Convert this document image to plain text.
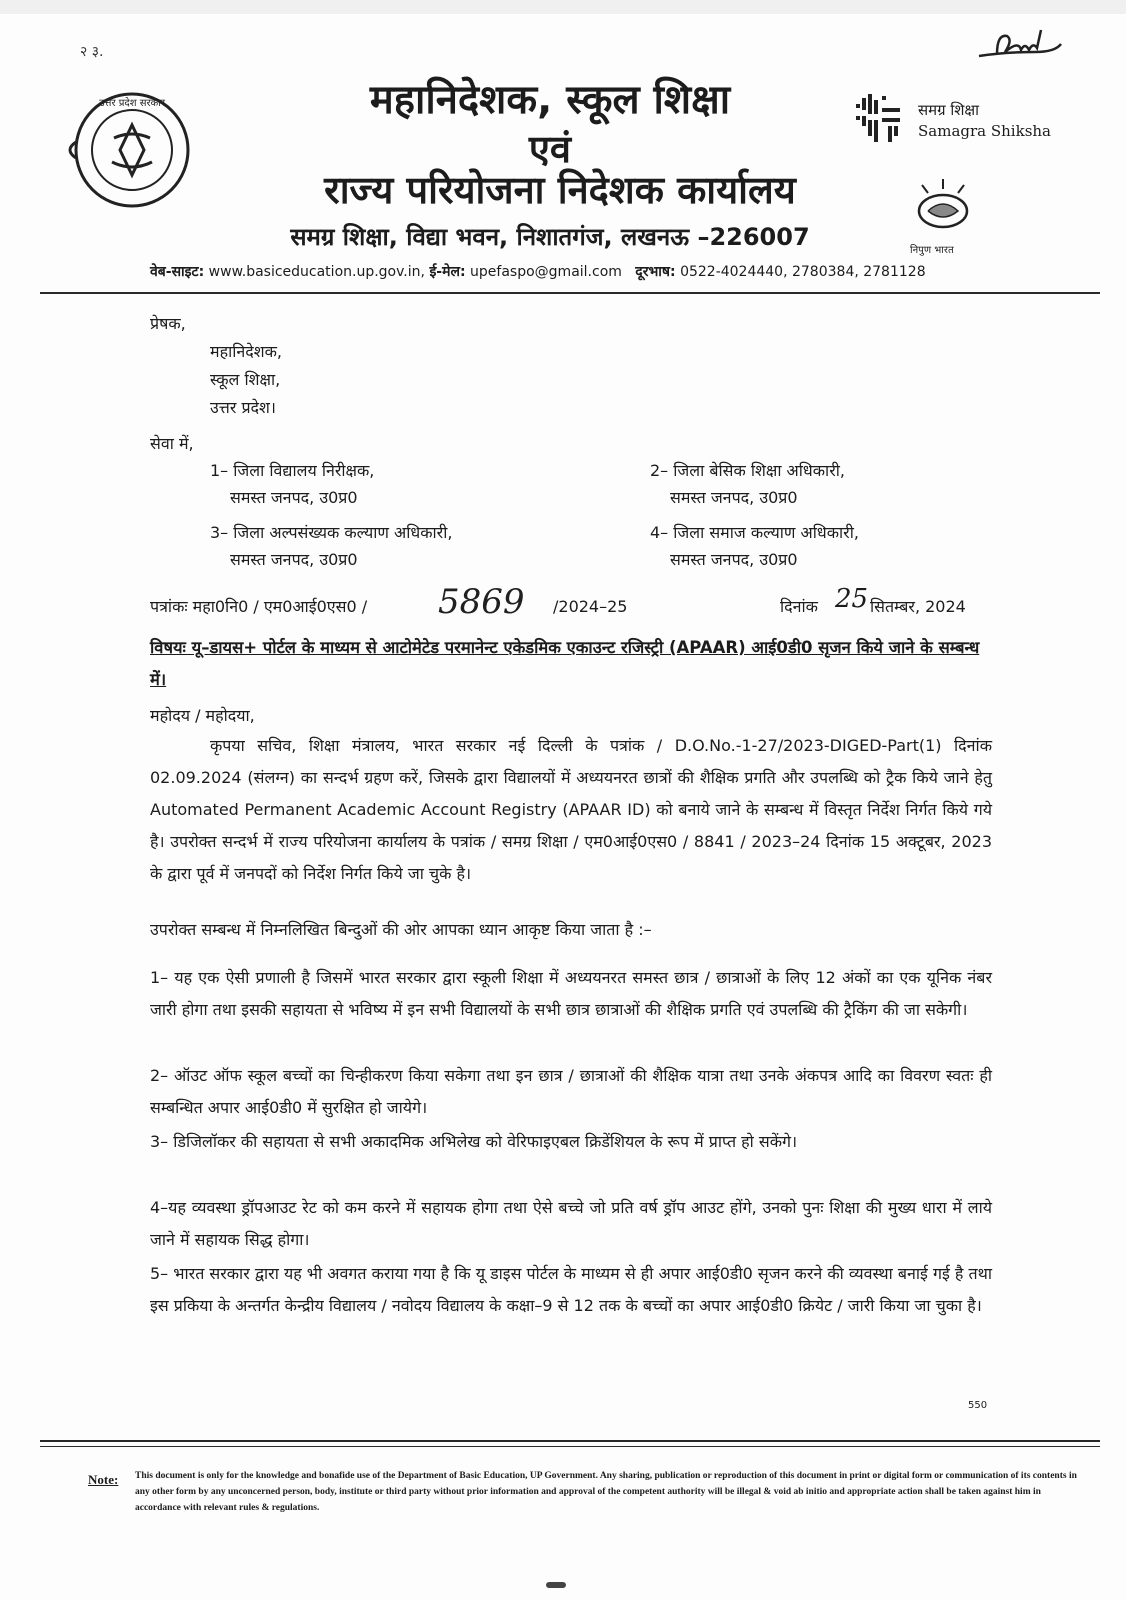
२ ३.
उत्तर प्रदेश सरकार	महानिदेशक, स्कूल शिक्षा
एवं
राज्य परियोजना निदेशक कार्यालय
समग्र शिक्षा, विद्या भवन, निशातगंज, लखनऊ –226007
समग्र शिक्षा
Samagra Shiksha
निपुण भारत
वेब-साइट: www.basiceducation.up.gov.in, ई-मेल: upefaspo@gmail.com दूरभाष: 0522-4024440, 2780384, 2781128
प्रेषक,
महानिदेशक,
स्कूल शिक्षा,
उत्तर प्रदेश।
सेवा में,
1– जिला विद्यालय निरीक्षक,
समस्त जनपद, उ0प्र0
2– जिला बेसिक शिक्षा अधिकारी,
समस्त जनपद, उ0प्र0
3– जिला अल्पसंख्यक कल्याण अधिकारी,
समस्त जनपद, उ0प्र0
4– जिला समाज कल्याण अधिकारी,
समस्त जनपद, उ0प्र0
पत्रांकः महा0नि0 / एम0आई0एस0 / 5869 /2024–25	दिनांक 25 सितम्बर, 2024
विषयः यू–डायस+ पोर्टल के माध्यम से आटोमेटेड परमानेन्ट एकेडमिक एकाउन्ट रजिस्ट्री (APAAR) आई0डी0 सृजन किये जाने के सम्बन्ध में।
महोदय / महोदया,
कृपया सचिव, शिक्षा मंत्रालय, भारत सरकार नई दिल्ली के पत्रांक / D.O.No.-1-27/2023-DIGED-Part(1) दिनांक 02.09.2024 (संलग्न) का सन्दर्भ ग्रहण करें, जिसके द्वारा विद्यालयों में अध्ययनरत छात्रों की शैक्षिक प्रगति और उपलब्धि को ट्रैक किये जाने हेतु Automated Permanent Academic Account Registry (APAAR ID) को बनाये जाने के सम्बन्ध में विस्तृत निर्देश निर्गत किये गये है। उपरोक्त सन्दर्भ में राज्य परियोजना कार्यालय के पत्रांक / समग्र शिक्षा / एम0आई0एस0 / 8841 / 2023–24 दिनांक 15 अक्टूबर, 2023 के द्वारा पूर्व में जनपदों को निर्देश निर्गत किये जा चुके है।
उपरोक्त सम्बन्ध में निम्नलिखित बिन्दुओं की ओर आपका ध्यान आकृष्ट किया जाता है :–
1– यह एक ऐसी प्रणाली है जिसमें भारत सरकार द्वारा स्कूली शिक्षा में अध्ययनरत समस्त छात्र / छात्राओं के लिए 12 अंकों का एक यूनिक नंबर जारी होगा तथा इसकी सहायता से भविष्य में इन सभी विद्यालयों के सभी छात्र छात्राओं की शैक्षिक प्रगति एवं उपलब्धि की ट्रैकिंग की जा सकेगी।
2– ऑउट ऑफ स्कूल बच्चों का चिन्हीकरण किया सकेगा तथा इन छात्र / छात्राओं की शैक्षिक यात्रा तथा उनके अंकपत्र आदि का विवरण स्वतः ही सम्बन्धित अपार आई0डी0 में सुरक्षित हो जायेगे।
3– डिजिलॉकर की सहायता से सभी अकादमिक अभिलेख को वेरिफाइएबल क्रिडेंशियल के रूप में प्राप्त हो सकेंगे।
4–यह व्यवस्था ड्रॉपआउट रेट को कम करने में सहायक होगा तथा ऐसे बच्चे जो प्रति वर्ष ड्रॉप आउट होंगे, उनको पुनः शिक्षा की मुख्य धारा में लाये जाने में सहायक सिद्ध होगा।
5– भारत सरकार द्वारा यह भी अवगत कराया गया है कि यू डाइस पोर्टल के माध्यम से ही अपार आई0डी0 सृजन करने की व्यवस्था बनाई गई है तथा इस प्रकिया के अन्तर्गत केन्द्रीय विद्यालय / नवोदय विद्यालय के कक्षा–9 से 12 तक के बच्चों का अपार आई0डी0 क्रियेट / जारी किया जा चुका है।
550
Note: This document is only for the knowledge and bonafide use of the Department of Basic Education, UP Government. Any sharing, publication or reproduction of this document in print or digital form or communication of its contents in any other form by any unconcerned person, body, institute or third party without prior information and approval of the competent authority will be illegal & void ab initio and appropriate action shall be taken against him in accordance with relevant rules & regulations.
